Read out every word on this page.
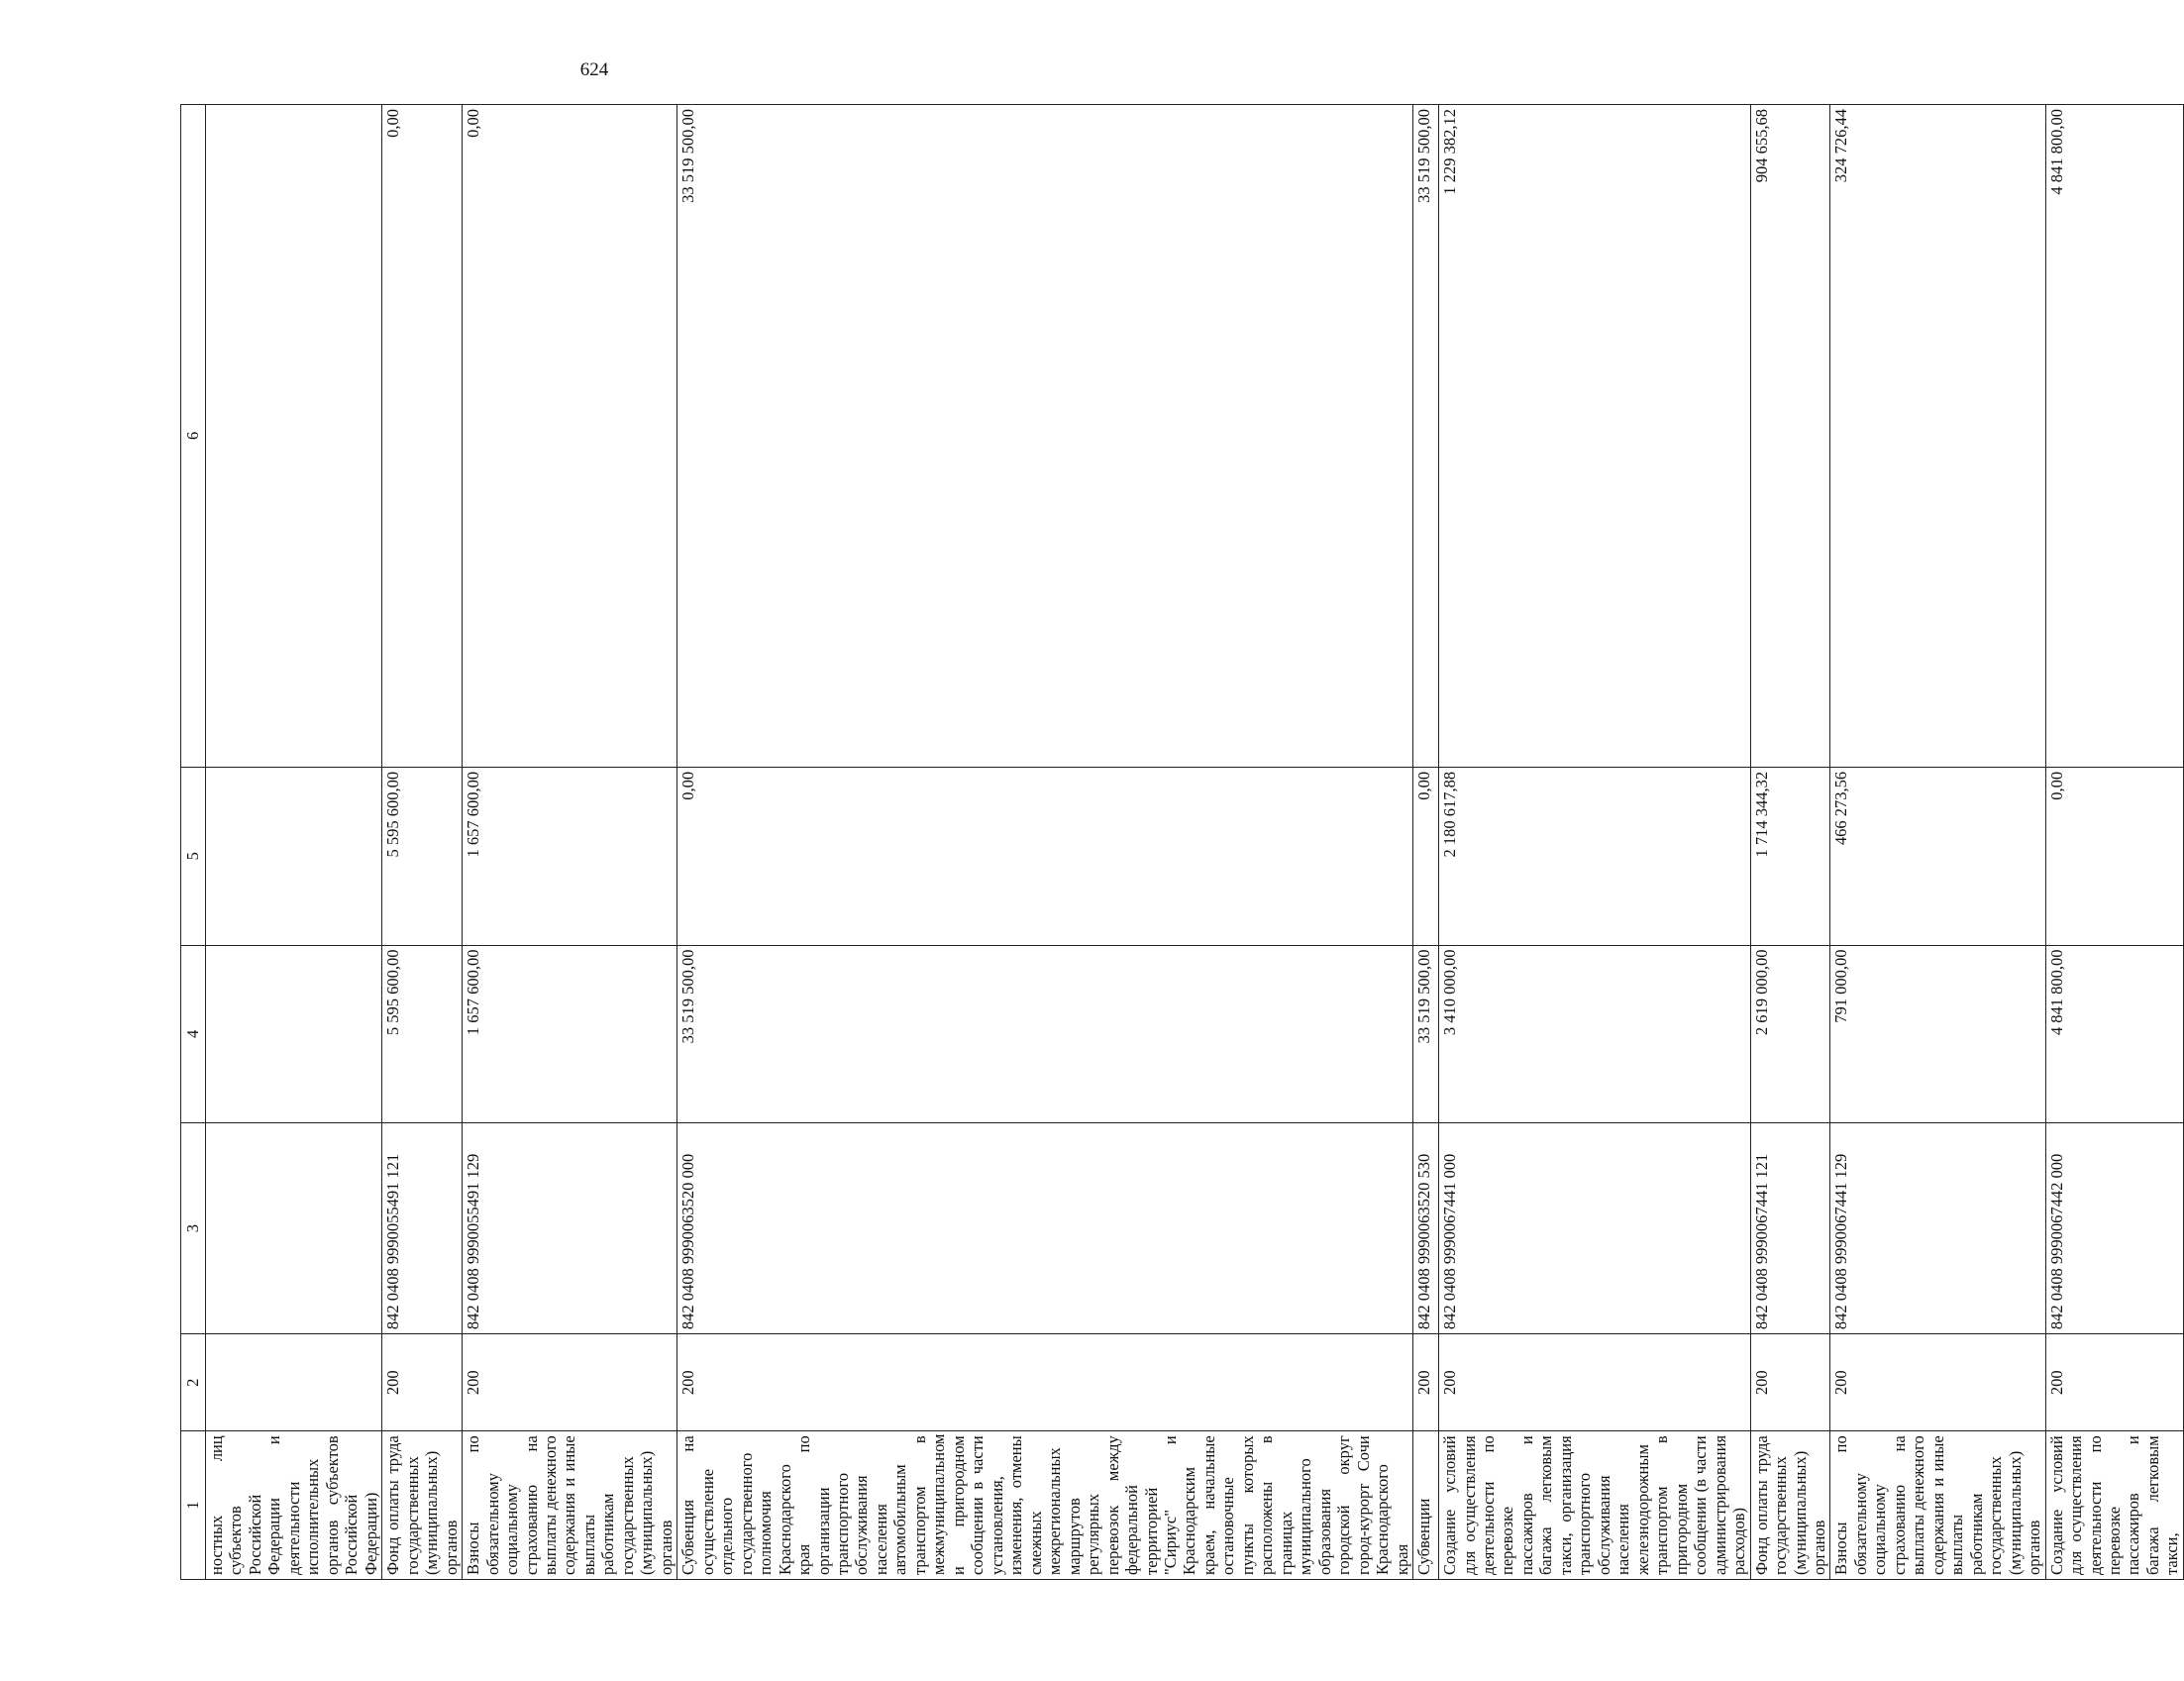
624
1	2	3	4	5	6
ностных лиц субъектов Российской Федерации и деятельности исполнительных органов субъектов Российской Федерации)					
Фонд оплаты труда государственных (муниципальных) органов	200	842 0408 9990055491 121	5 595 600,00	5 595 600,00	0,00
Взносы по обязательному социальному страхованию на выплаты денежного содержания и иные выплаты работникам государственных (муниципальных) органов	200	842 0408 9990055491 129	1 657 600,00	1 657 600,00	0,00
Субвенция на осуществление отдельного государственного полномочия Краснодарского края по организации транспортного обслуживания населения автомобильным транспортом в межмуниципальном и пригородном сообщении в части установления, изменения, отмены смежных межрегиональных маршрутов регулярных перевозок между федеральной территорией "Сириус" и Краснодарским краем, начальные остановочные пункты которых расположены в границах муниципального образования городской округ город-курорт Сочи Краснодарского края	200	842 0408 9990063520 000	33 519 500,00	0,00	33 519 500,00
Субвенции	200	842 0408 9990063520 530	33 519 500,00	0,00	33 519 500,00
Создание условий для осуществления деятельности по перевозке пассажиров и багажа легковым такси, организация транспортного обслуживания населения железнодорожным транспортом в пригородном сообщении (в части администрирования расходов)	200	842 0408 9990067441 000	3 410 000,00	2 180 617,88	1 229 382,12
Фонд оплаты труда государственных (муниципальных) органов	200	842 0408 9990067441 121	2 619 000,00	1 714 344,32	904 655,68
Взносы по обязательному социальному страхованию на выплаты денежного содержания и иные выплаты работникам государственных (муниципальных) органов	200	842 0408 9990067441 129	791 000,00	466 273,56	324 726,44
Создание условий для осуществления деятельности по перевозке пассажиров и багажа легковым такси,	200	842 0408 9990067442 000	4 841 800,00	0,00	4 841 800,00
